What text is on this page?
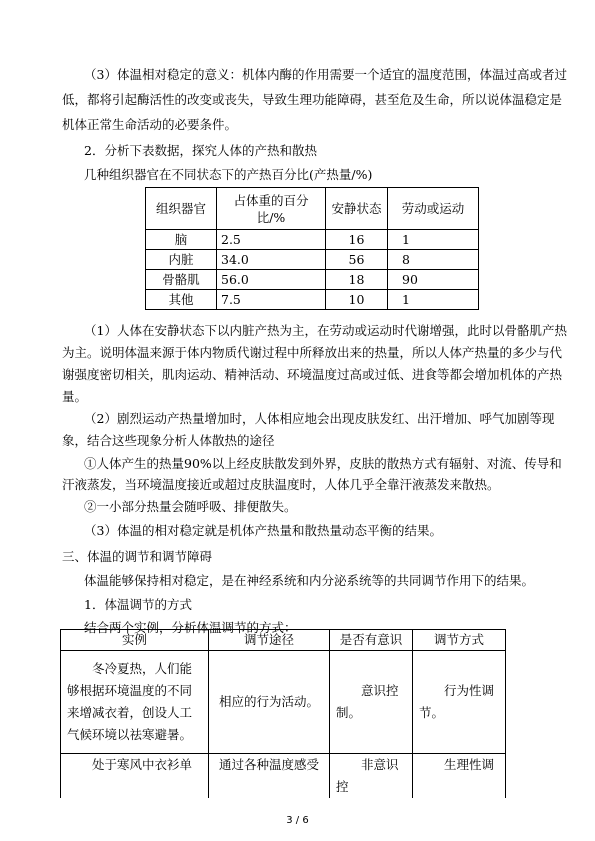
（3）体温相对稳定的意义：机体内酶的作用需要一个适宜的温度范围，体温过高或者过
低，都将引起酶活性的改变或丧失，导致生理功能障碍，甚至危及生命，所以说体温稳定是
机体正常生命活动的必要条件。
2．分析下表数据，探究人体的产热和散热
几种组织器官在不同状态下的产热百分比(产热量/%)
组织器官	占体重的百分比/%	安静状态	劳动或运动
脑	2.5	16	1
内脏	34.0	56	8
骨骼肌	56.0	18	90
其他	7.5	10	1
（1）人体在安静状态下以内脏产热为主，在劳动或运动时代谢增强，此时以骨骼肌产热
为主。说明体温来源于体内物质代谢过程中所释放出来的热量，所以人体产热量的多少与代
谢强度密切相关，肌肉运动、精神活动、环境温度过高或过低、进食等都会增加机体的产热
量。
（2）剧烈运动产热量增加时，人体相应地会出现皮肤发红、出汗增加、呼气加剧等现
象，结合这些现象分析人体散热的途径
①人体产生的热量90%以上经皮肤散发到外界，皮肤的散热方式有辐射、对流、传导和
汗液蒸发，当环境温度接近或超过皮肤温度时，人体几乎全靠汗液蒸发来散热。
②一小部分热量会随呼吸、排便散失。
（3）体温的相对稳定就是机体产热量和散热量动态平衡的结果。
三、体温的调节和调节障碍
体温能够保持相对稳定，是在神经系统和内分泌系统等的共同调节作用下的结果。
1．体温调节的方式
实例	调节途径	是否有意识	调节方式

冬冷夏热，人们能够根据环境温度的不同来增减衣着，创设人工气候环境以祛寒避暑。	相应的行为活动。	意识控制。	行为性调节。

处于寒风中衣衫单	通过各种温度感受	非意识控	生理性调
3 / 6
结合两个实例，分析体温调节的方式：
